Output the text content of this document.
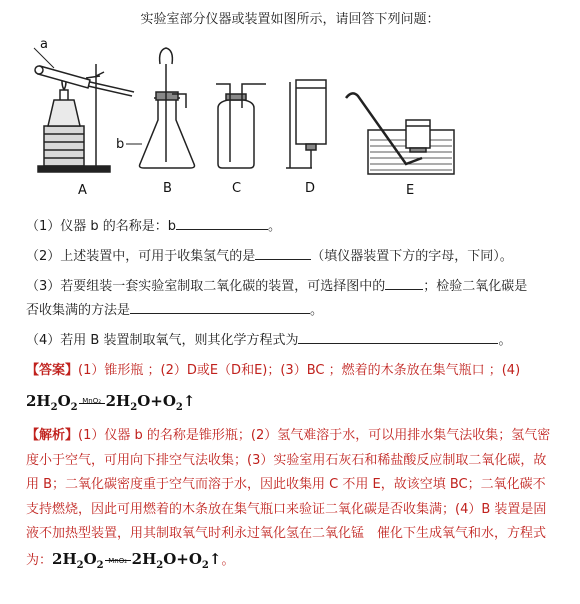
实验室部分仪器或装置如图所示，请回答下列问题：
a
b
A	B	C	D	E
（1）仪器 b 的名称是：b	。
（2）上述装置中，可用于收集氢气的是	（填仪器装置下方的字母，下同）。
（3）若要组装一套实验室制取二氧化碳的装置，可选择图中的	；检验二氧化碳是
否收集满的方法是	。
（4）若用 B 装置制取氧气，则其化学方程式为	。
【答案】(1）锥形瓶 ；(2）D或E（D和E)；(3）BC ；燃着的木条放在集气瓶口 ；(4)
$2H_2O_2$
MnO₂ $2H_2O+O_2↑$
【解析】(1）仪器 b 的名称是锥形瓶；(2）氢气难溶于水，可以用排水集气法收集；氢气密
度小于空气，可用向下排空气法收集；(3）实验室用石灰石和稀盐酸反应制取二氧化碳，故
用 B；二氧化碳密度重于空气而溶于水，因此收集用 C 不用 E，故该空填 BC；二氧化碳不
支持燃烧，因此可用燃着的木条放在集气瓶口来验证二氧化碳是否收集满；(4）B 装置是固
液不加热型装置，用其制取氧气时利永过氧化氢在二氧化锰　催化下生成氧气和水，方程式
为：$2H_2O_2$ MnO₂ $2H_2O+O_2↑$。
